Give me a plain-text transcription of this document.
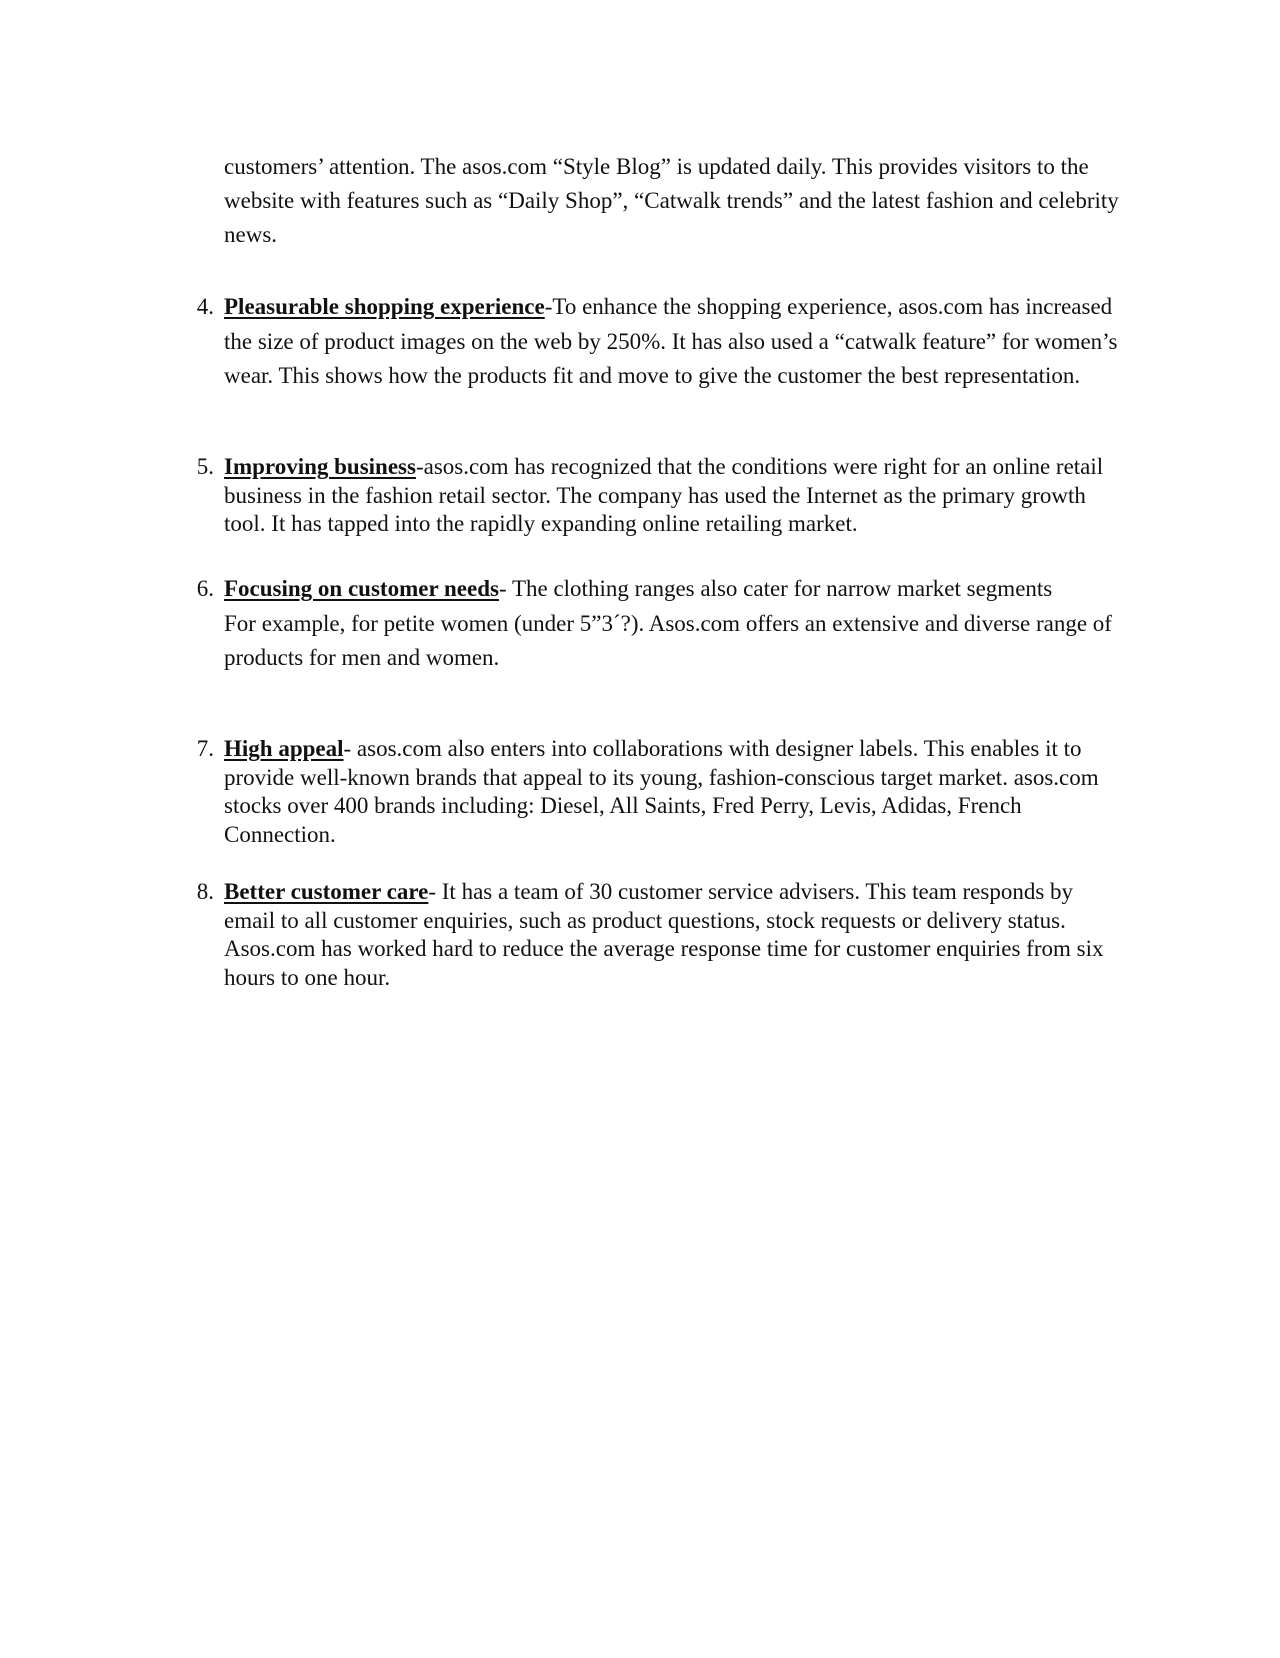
customers’ attention. The asos.com “Style Blog” is updated daily. This provides visitors to the website with features such as “Daily Shop”, “Catwalk trends” and the latest fashion and celebrity news.
4. Pleasurable shopping experience-To enhance the shopping experience, asos.com has increased the size of product images on the web by 250%. It has also used a “catwalk feature” for women’s wear. This shows how the products fit and move to give the customer the best representation.
5. Improving business-asos.com has recognized that the conditions were right for an online retail business in the fashion retail sector. The company has used the Internet as the primary growth tool. It has tapped into the rapidly expanding online retailing market.
6. Focusing on customer needs- The clothing ranges also cater for narrow market segments
For example, for petite women (under 5”3´?). Asos.com offers an extensive and diverse range of products for men and women.
7. High appeal- asos.com also enters into collaborations with designer labels. This enables it to provide well-known brands that appeal to its young, fashion-conscious target market. asos.com stocks over 400 brands including: Diesel, All Saints, Fred Perry, Levis, Adidas, French Connection.
8. Better customer care- It has a team of 30 customer service advisers. This team responds by email to all customer enquiries, such as product questions, stock requests or delivery status. Asos.com has worked hard to reduce the average response time for customer enquiries from six hours to one hour.
